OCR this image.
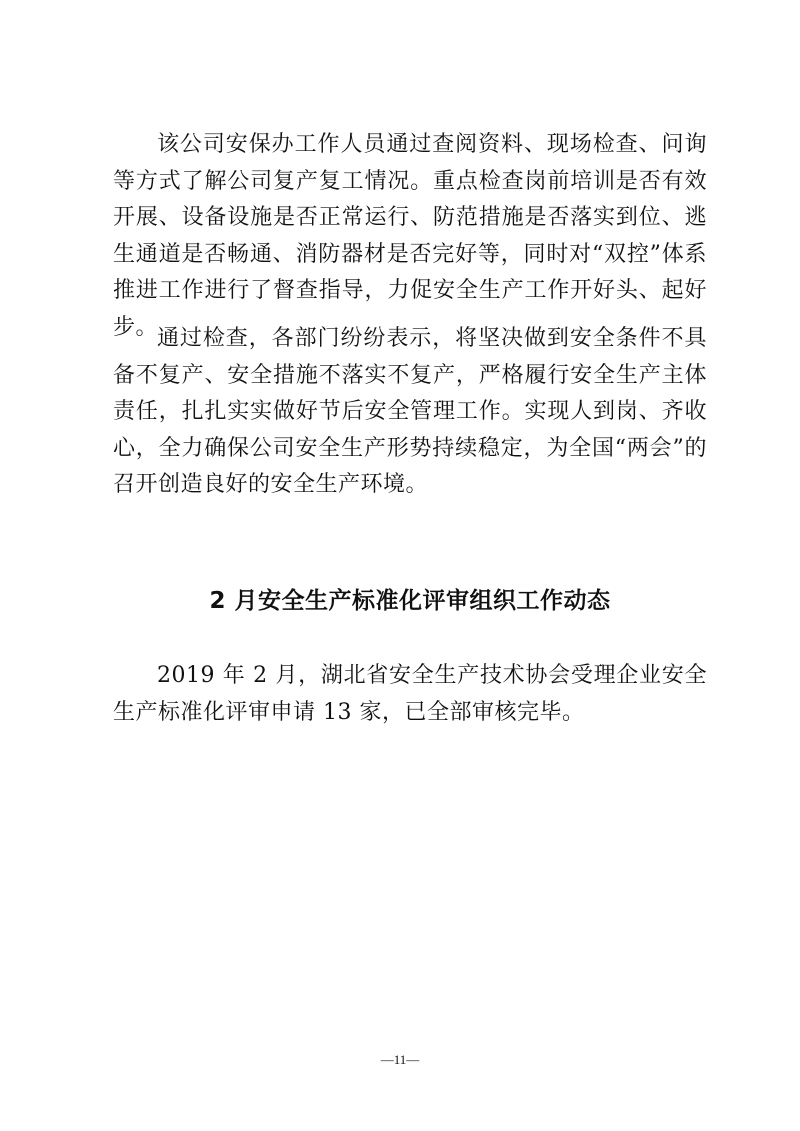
该公司安保办工作人员通过查阅资料、现场检查、问询等方式了解公司复产复工情况。重点检查岗前培训是否有效开展、设备设施是否正常运行、防范措施是否落实到位、逃生通道是否畅通、消防器材是否完好等，同时对“双控”体系推进工作进行了督查指导，力促安全生产工作开好头、起好步。

通过检查，各部门纷纷表示，将坚决做到安全条件不具备不复产、安全措施不落实不复产，严格履行安全生产主体责任，扎扎实实做好节后安全管理工作。实现人到岗、齐收心，全力确保公司安全生产形势持续稳定，为全国“两会”的召开创造良好的安全生产环境。

2 月安全生产标准化评审组织工作动态

2019 年 2 月，湖北省安全生产技术协会受理企业安全生产标准化评审申请 13 家，已全部审核完毕。

—11—
